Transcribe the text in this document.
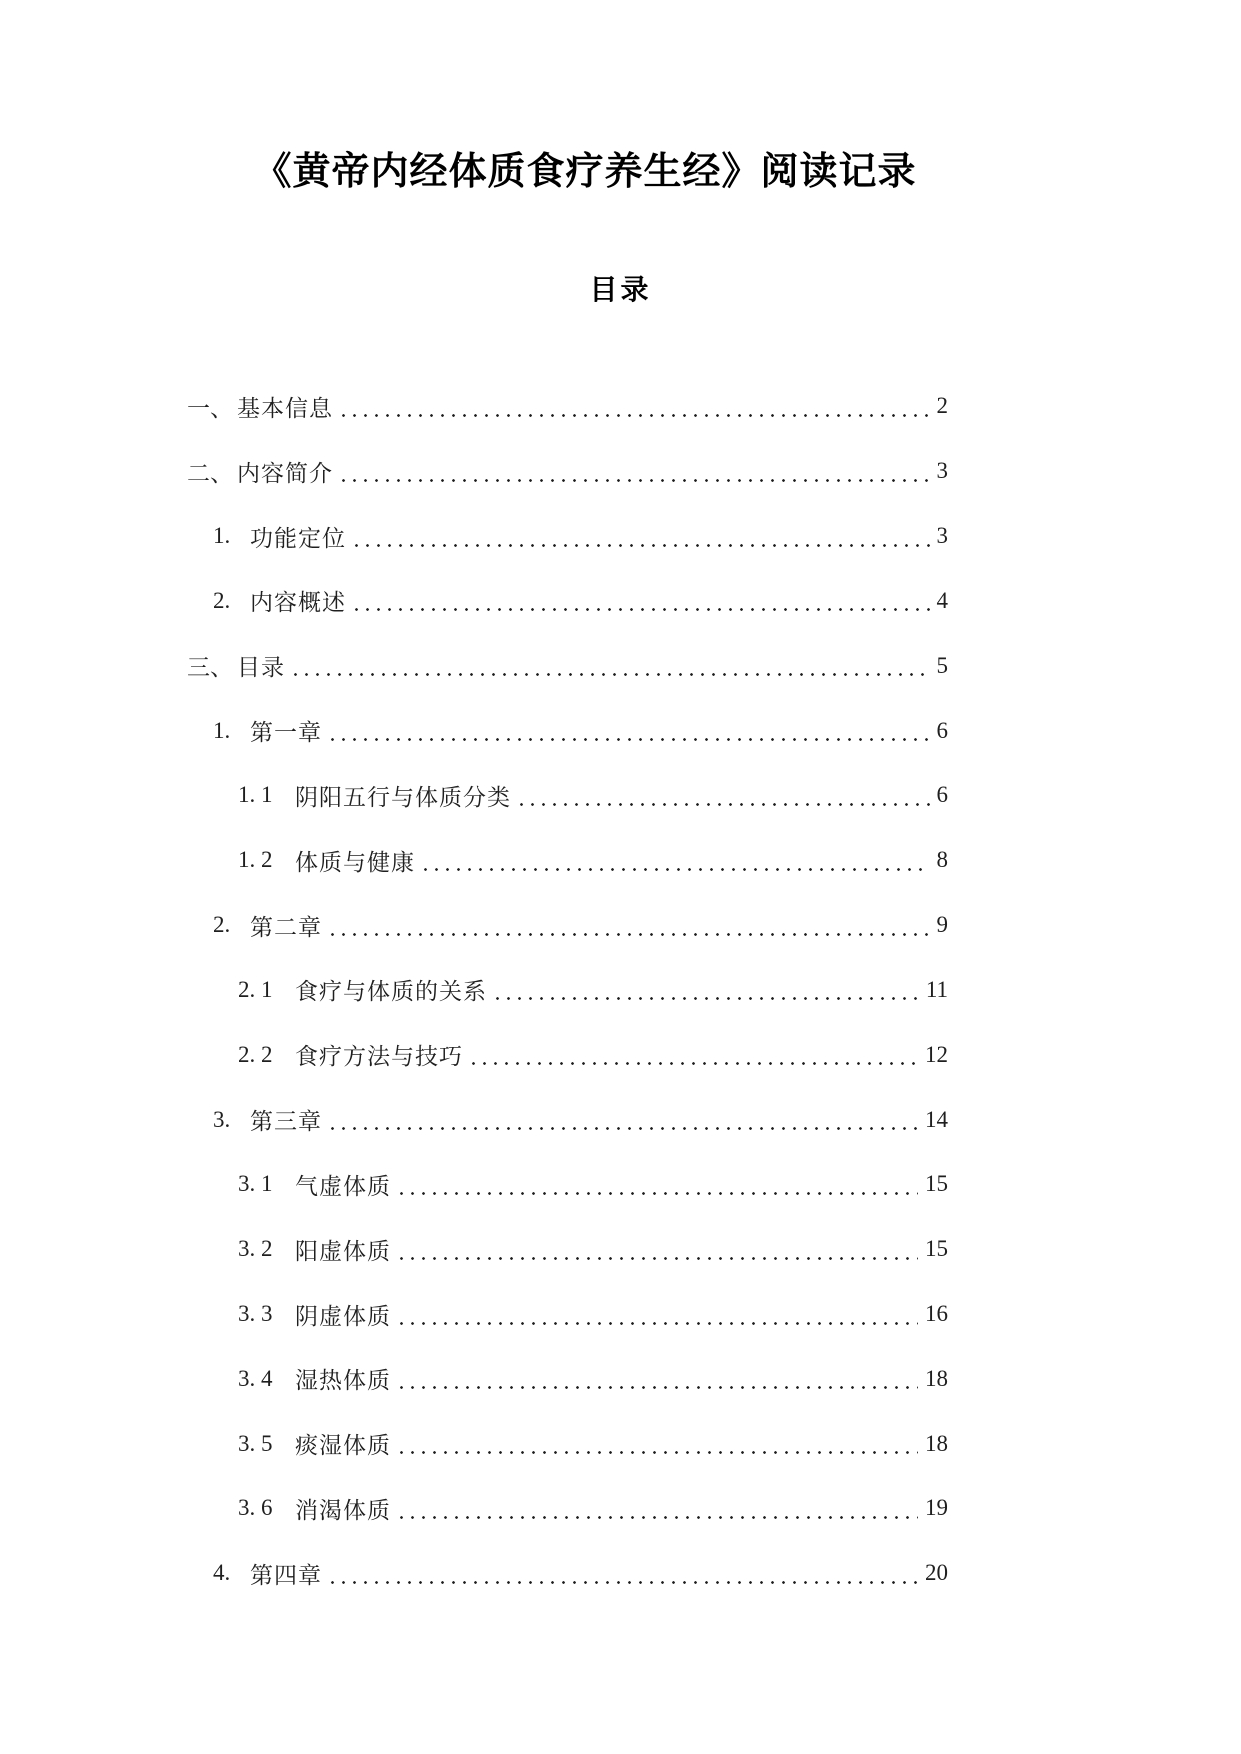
《黄帝内经体质食疗养生经》阅读记录
目录
一、 基本信息	2
二、 内容简介	3
1. 功能定位	3
2. 内容概述	4
三、 目录	5
1. 第一章	6
1. 1 阴阳五行与体质分类	6
1. 2 体质与健康	8
2. 第二章	9
2. 1 食疗与体质的关系	11
2. 2 食疗方法与技巧	12
3. 第三章	14
3. 1 气虚体质	15
3. 2 阳虚体质	15
3. 3 阴虚体质	16
3. 4 湿热体质	18
3. 5 痰湿体质	18
3. 6 消渴体质	19
4. 第四章	20
